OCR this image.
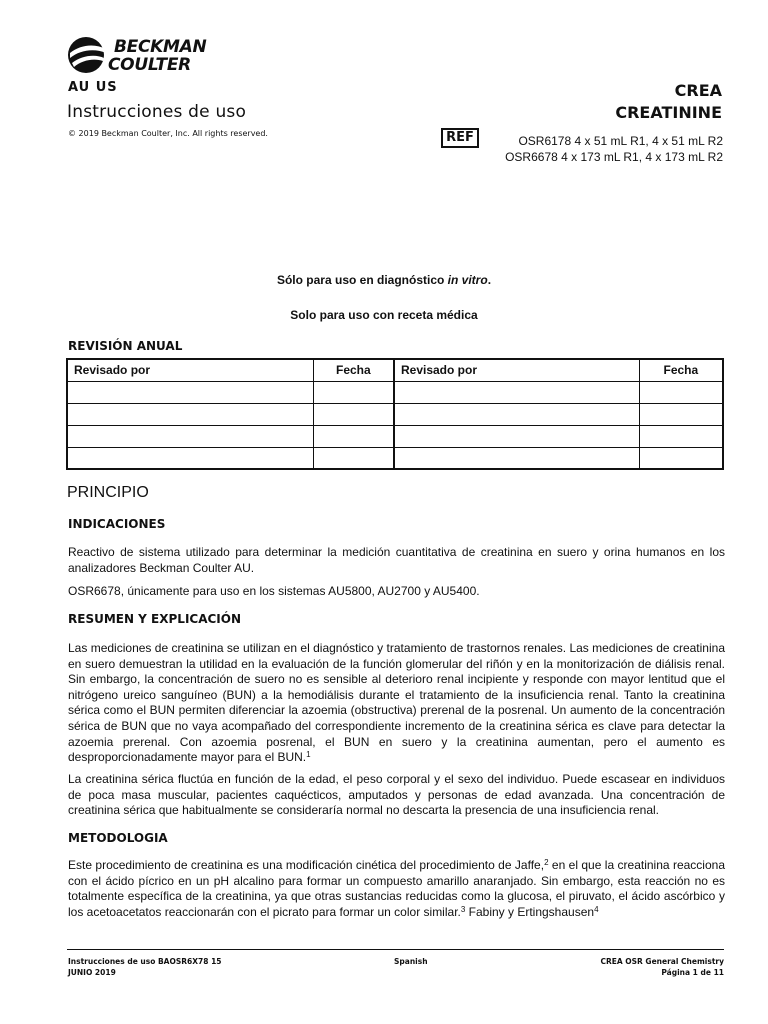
BECKMAN
COULTER
AU US
Instrucciones de uso
© 2019 Beckman Coulter, Inc. All rights reserved.
CREA
CREATININE
REF	OSR6178 4 x 51 mL R1, 4 x 51 mL R2
OSR6678 4 x 173 mL R1, 4 x 173 mL R2
Sólo para uso en diagnóstico in vitro.
Solo para uso con receta médica
REVISIÓN ANUAL
Revisado por	Fecha	Revisado por	Fecha

PRINCIPIO
INDICACIONES

Reactivo de sistema utilizado para determinar la medición cuantitativa de creatinina en suero y orina humanos en los analizadores Beckman Coulter AU.

OSR6678, únicamente para uso en los sistemas AU5800, AU2700 y AU5400.

RESUMEN Y EXPLICACIÓN

Las mediciones de creatinina se utilizan en el diagnóstico y tratamiento de trastornos renales. Las mediciones de creatinina en suero demuestran la utilidad en la evaluación de la función glomerular del riñón y en la monitorización de diálisis renal. Sin embargo, la concentración de suero no es sensible al deterioro renal incipiente y responde con mayor lentitud que el nitrógeno ureico sanguíneo (BUN) a la hemodiálisis durante el tratamiento de la insuficiencia renal. Tanto la creatinina sérica como el BUN permiten diferenciar la azoemia (obstructiva) prerenal de la posrenal. Un aumento de la concentración sérica de BUN que no vaya acompañado del correspondiente incremento de la creatinina sérica es clave para detectar la azoemia prerenal. Con azoemia posrenal, el BUN en suero y la creatinina aumentan, pero el aumento es desproporcionadamente mayor para el BUN.$^1$

La creatinina sérica fluctúa en función de la edad, el peso corporal y el sexo del individuo. Puede escasear en individuos de poca masa muscular, pacientes caquécticos, amputados y personas de edad avanzada. Una concentración de creatinina sérica que habitualmente se consideraría normal no descarta la presencia de una insuficiencia renal.

METODOLOGIA

Este procedimiento de creatinina es una modificación cinética del procedimiento de Jaffe,$^2$ en el que la creatinina reacciona con el ácido pícrico en un pH alcalino para formar un compuesto amarillo anaranjado. Sin embargo, esta reacción no es totalmente específica de la creatinina, ya que otras sustancias reducidas como la glucosa, el piruvato, el ácido ascórbico y los acetoacetatos reaccionarán con el picrato para formar un color similar.$^3$ Fabiny y Ertingshausen$^4$

Instrucciones de uso BAOSR6X78 15
JUNIO 2019
Spanish	CREA OSR General Chemistry
Página 1 de 11
